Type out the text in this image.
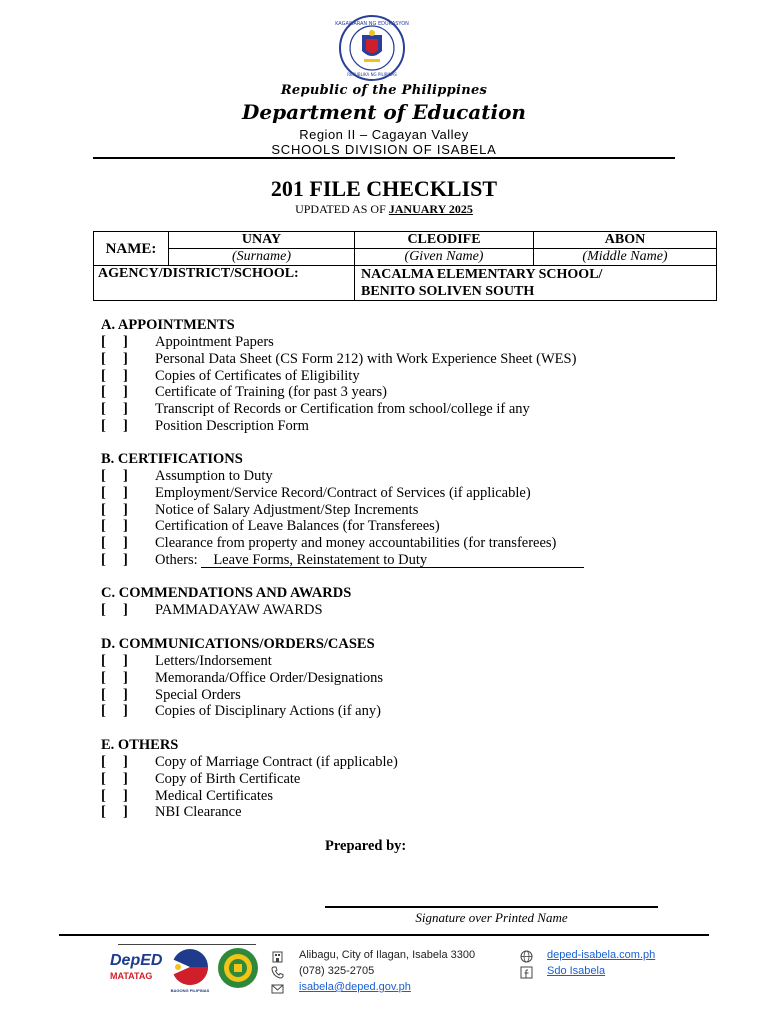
KAGAWARAN NG EDUKASYON
REPUBLIKA NG PILIPINAS
Republic of the Philippines
Department of Education
Region II – Cagayan Valley
SCHOOLS DIVISION OF ISABELA
201 FILE CHECKLIST
UPDATED AS OF JANUARY 2025
NAME:	UNAY	CLEODIFE	ABON
	(Surname)	(Given Name)	(Middle Name)
AGENCY/DISTRICT/SCHOOL:		NACALMA ELEMENTARY SCHOOL/
BENITO SOLIVEN SOUTH	
A. APPOINTMENTS
[ ] Appointment Papers
[ ] Personal Data Sheet (CS Form 212) with Work Experience Sheet (WES)
[ ] Copies of Certificates of Eligibility
[ ] Certificate of Training (for past 3 years)
[ ] Transcript of Records or Certification from school/college if any
[ ] Position Description Form
B. CERTIFICATIONS
[ ] Assumption to Duty
[ ] Employment/Service Record/Contract of Services (if applicable)
[ ] Notice of Salary Adjustment/Step Increments
[ ] Certification of Leave Balances (for Transferees)
[ ] Clearance from property and money accountabilities (for transferees)
[ ] Others: Leave Forms, Reinstatement to Duty
C. COMMENDATIONS AND AWARDS
[ ] PAMMADAYAW AWARDS
D. COMMUNICATIONS/ORDERS/CASES
[ ] Letters/Indorsement
[ ] Memoranda/Office Order/Designations
[ ] Special Orders
[ ] Copies of Disciplinary Actions (if any)
E. OTHERS
[ ] Copy of Marriage Contract (if applicable)
[ ] Copy of Birth Certificate
[ ] Medical Certificates
[ ] NBI Clearance
Prepared by:
Signature over Printed Name
DepED
MATATAG
BAGONG PILIPINAS
Alibagu, City of Ilagan, Isabela 3300
(078) 325-2705
isabela@deped.gov.ph
deped-isabela.com.ph
Sdo Isabela
